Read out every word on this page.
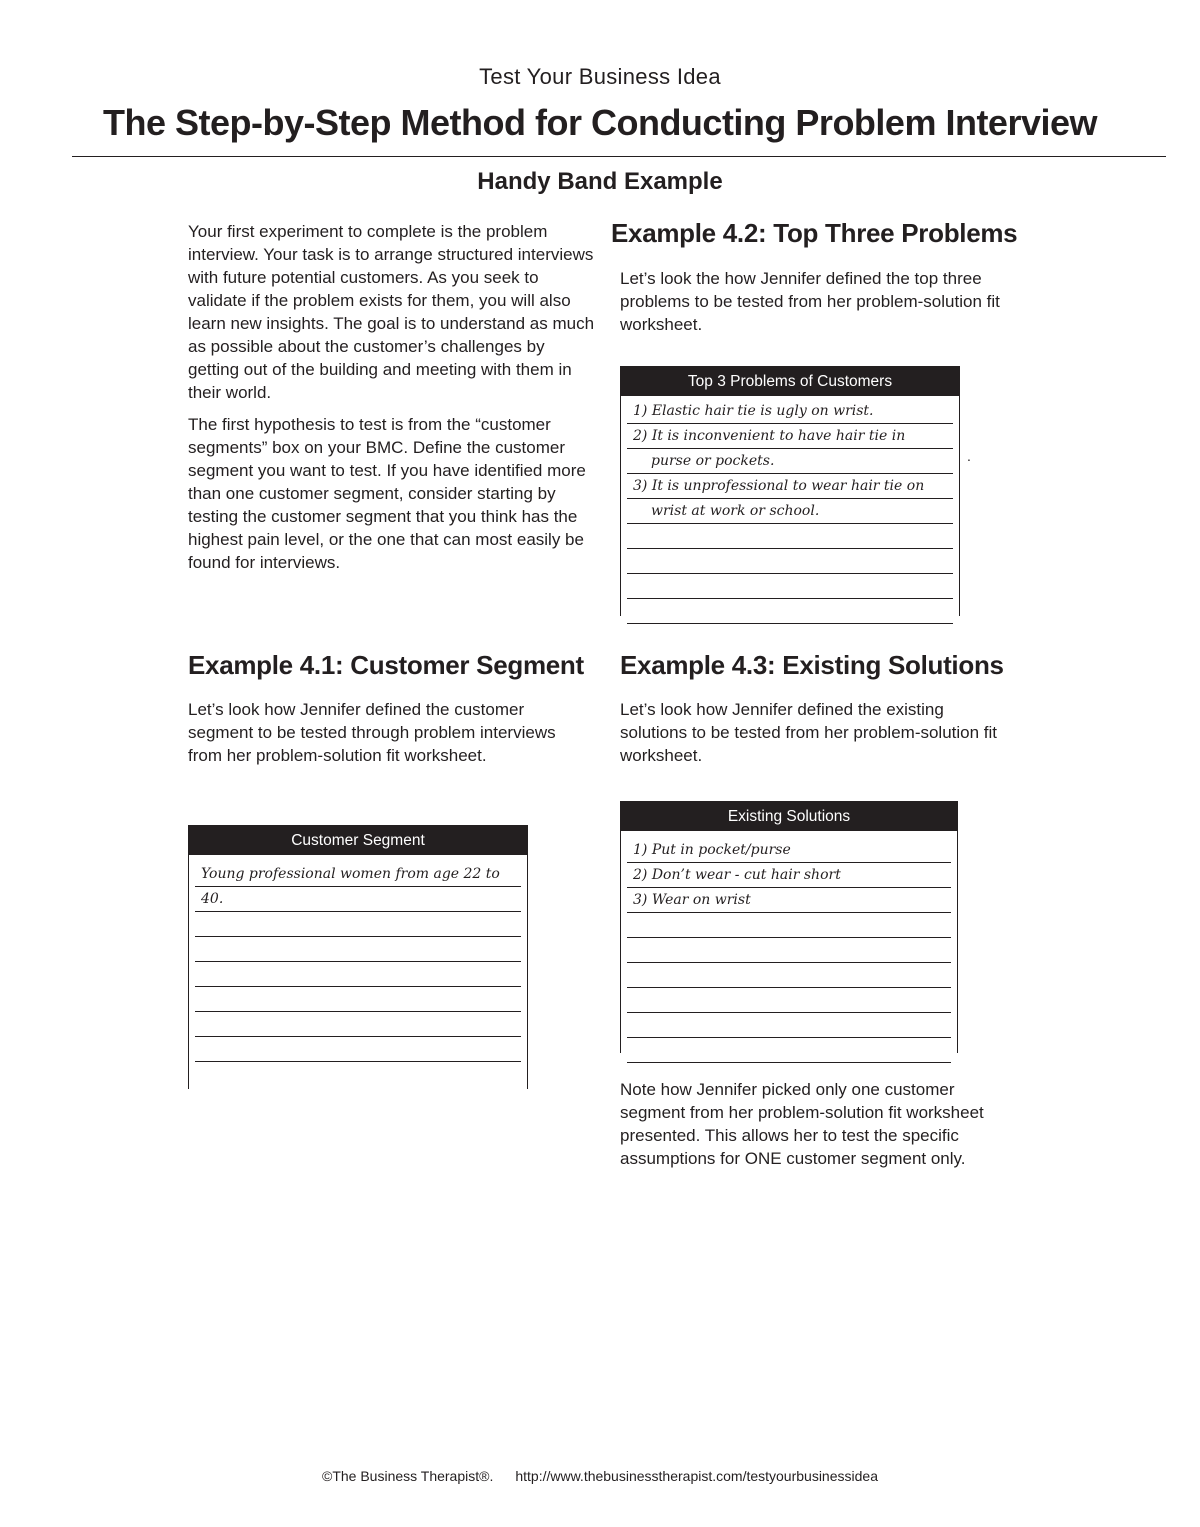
Test Your Business Idea
The Step-by-Step Method for Conducting Problem Interview
Handy Band Example

Your first experiment to complete is the problem interview. Your task is to arrange structured interviews with future potential customers. As you seek to validate if the problem exists for them, you will also learn new insights. The goal is to understand as much as possible about the customer’s challenges by getting out of the building and meeting with them in their world.

The first hypothesis to test is from the “customer segments” box on your BMC. Define the customer segment you want to test. If you have identified more than one customer segment, consider starting by testing the customer segment that you think has the highest pain level, or the one that can most easily be found for interviews.

Example 4.2: Top Three Problems
Let’s look the how Jennifer defined the top three problems to be tested from her problem-solution fit worksheet.
Top 3 Problems of Customers
1) Elastic hair tie is ugly on wrist.
2) It is inconvenient to have hair tie in
purse or pockets.
3) It is unprofessional to wear hair tie on
wrist at work or school.
.
Example 4.1: Customer Segment
Let’s look how Jennifer defined the customer segment to be tested through problem interviews from her problem-solution fit worksheet.
Customer Segment
Young professional women from age 22 to
40.
Example 4.3: Existing Solutions
Let’s look how Jennifer defined the existing solutions to be tested from her problem-solution fit worksheet.
Existing Solutions
1) Put in pocket/purse
2) Don’t wear - cut hair short
3) Wear on wrist
Note how Jennifer picked only one customer segment from her problem-solution fit worksheet presented. This allows her to test the specific assumptions for ONE customer segment only.
©The Business Therapist®. http://www.thebusinesstherapist.com/testyourbusinessidea
